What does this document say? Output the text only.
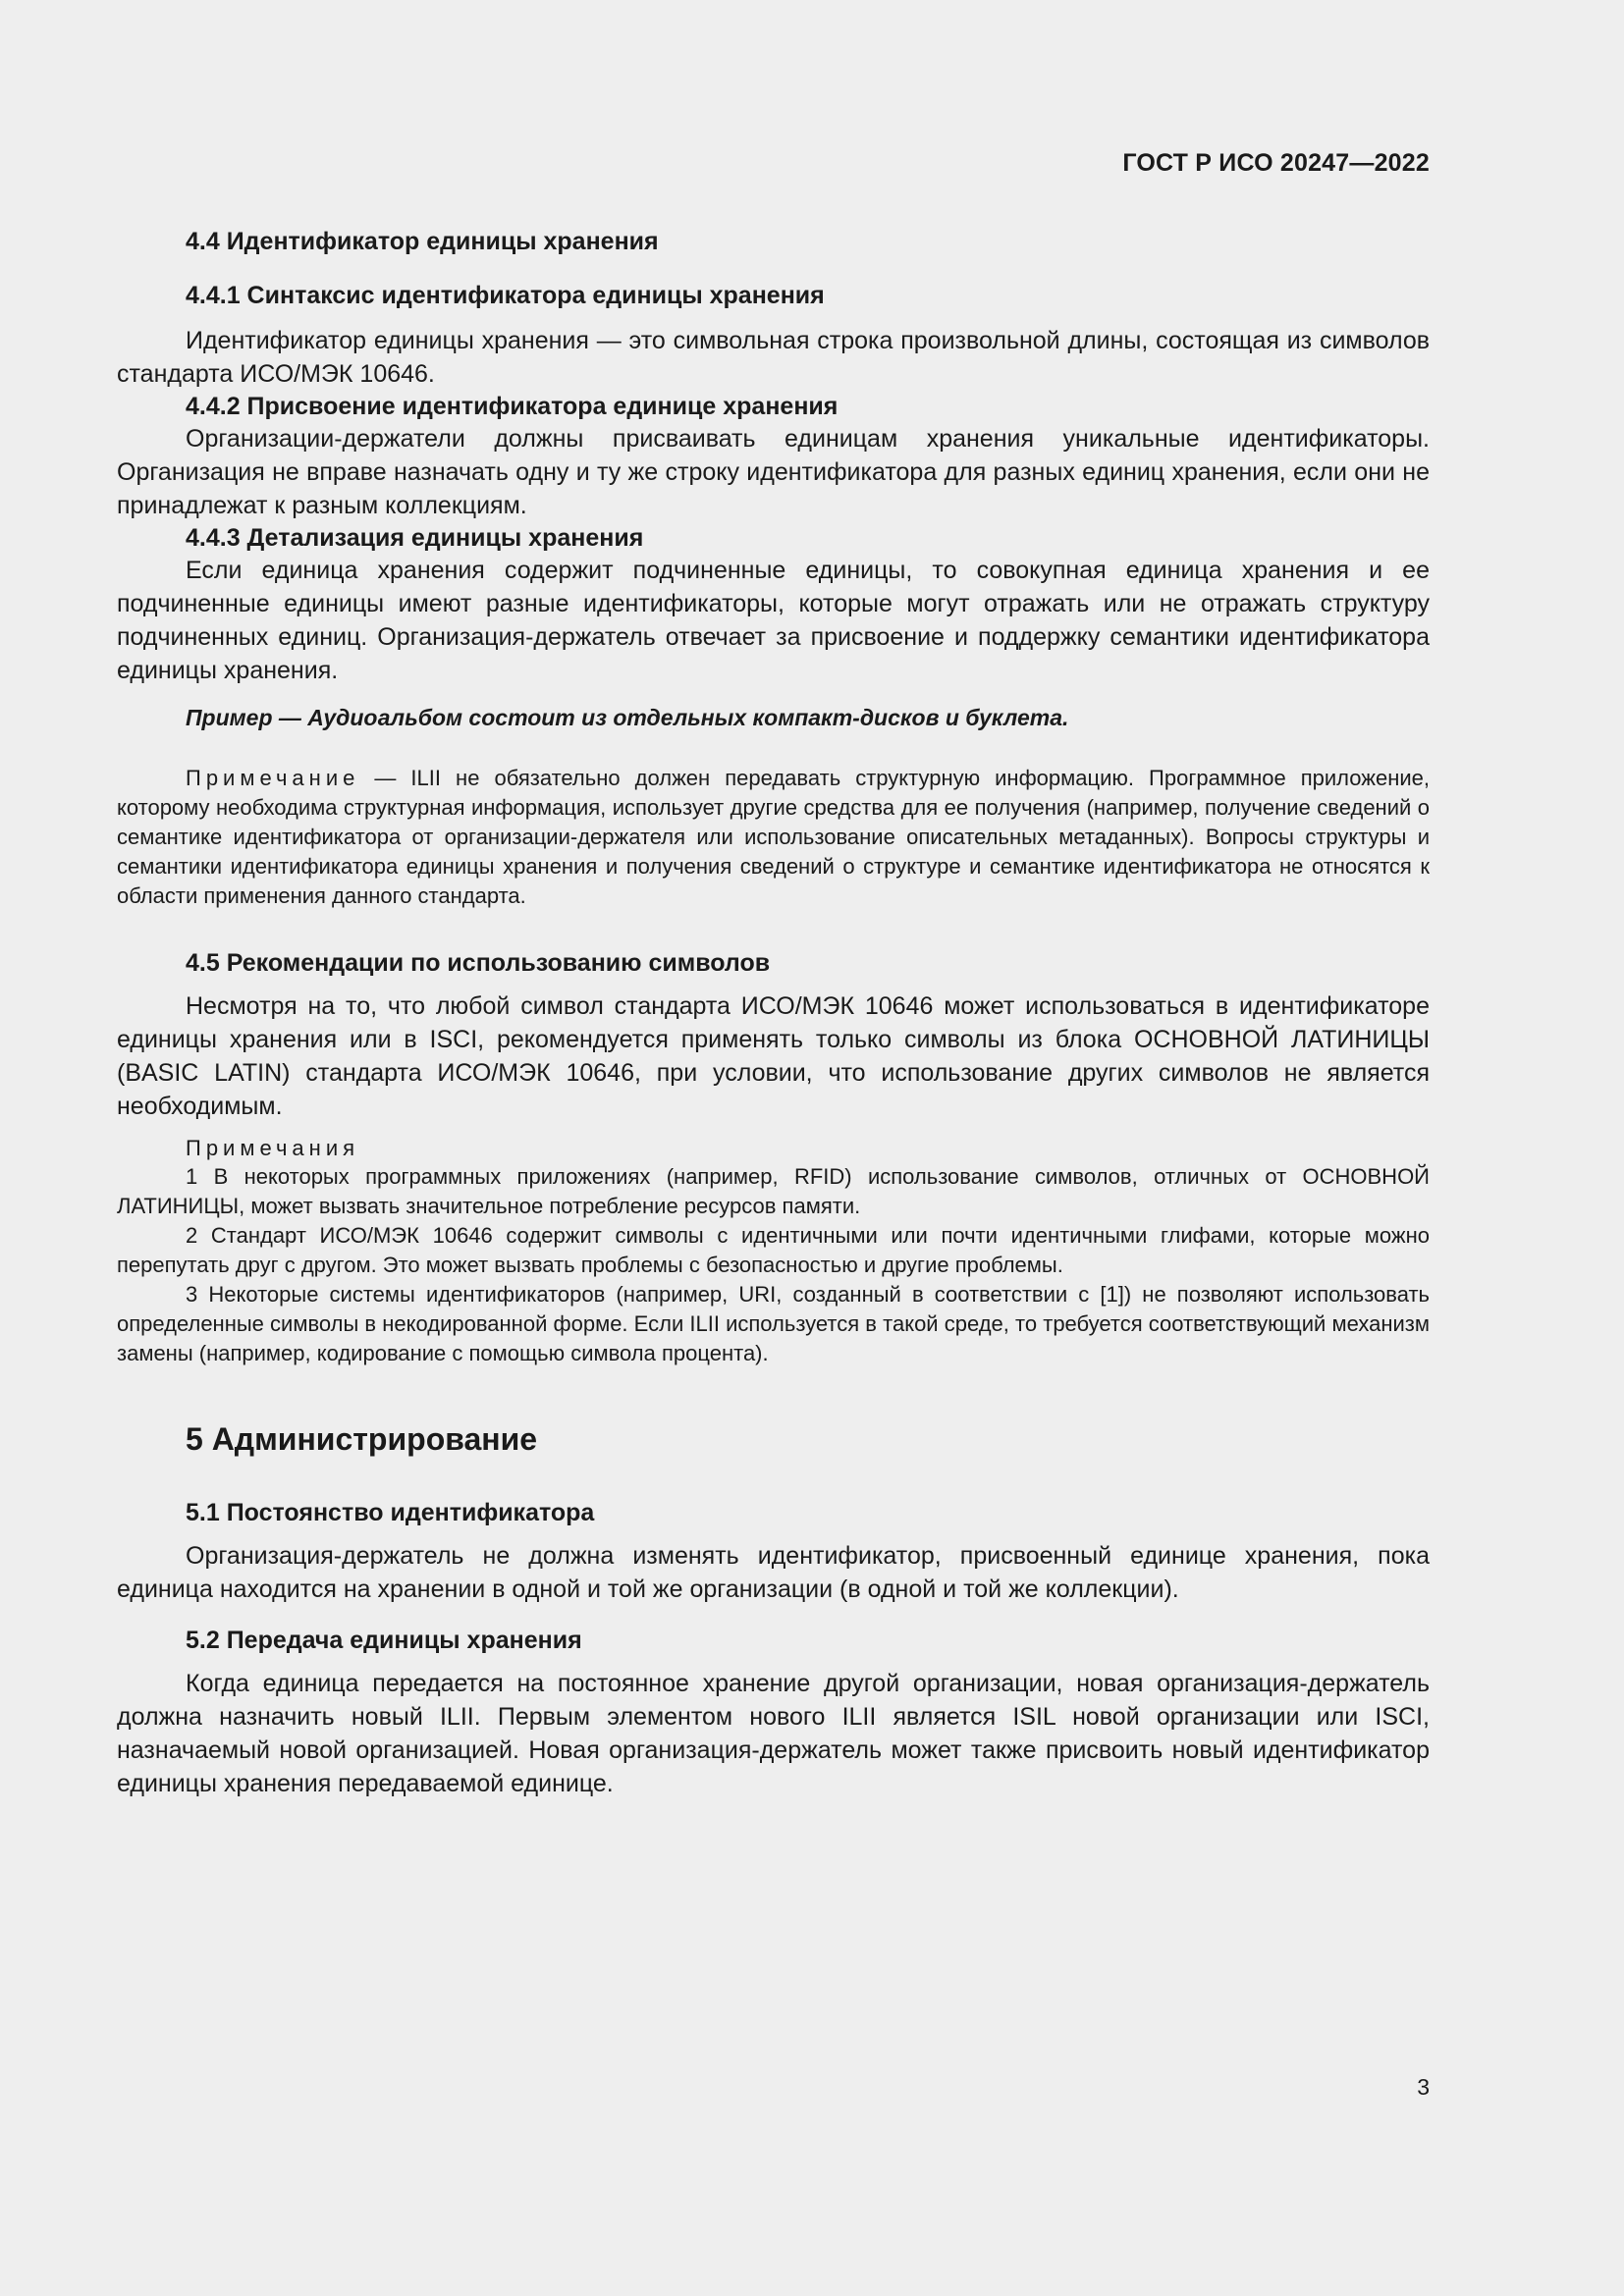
ГОСТ Р ИСО 20247—2022
4.4 Идентификатор единицы хранения
4.4.1 Синтаксис идентификатора единицы хранения

Идентификатор единицы хранения — это символьная строка произвольной длины, состоящая из символов стандарта ИСО/МЭК 10646.

4.4.2 Присвоение идентификатора единице хранения

Организации-держатели должны присваивать единицам хранения уникальные идентификаторы. Организация не вправе назначать одну и ту же строку идентификатора для разных единиц хранения, если они не принадлежат к разным коллекциям.

4.4.3 Детализация единицы хранения

Если единица хранения содержит подчиненные единицы, то совокупная единица хранения и ее подчиненные единицы имеют разные идентификаторы, которые могут отражать или не отражать структуру подчиненных единиц. Организация-держатель отвечает за присвоение и поддержку семантики идентификатора единицы хранения.

Пример — Аудиоальбом состоит из отдельных компакт-дисков и буклета.

Примечание — ILII не обязательно должен передавать структурную информацию. Программное приложение, которому необходима структурная информация, использует другие средства для ее получения (например, получение сведений о семантике идентификатора от организации-держателя или использование описательных метаданных). Вопросы структуры и семантики идентификатора единицы хранения и получения сведений о структуре и семантике идентификатора не относятся к области применения данного стандарта.

4.5 Рекомендации по использованию символов

Несмотря на то, что любой символ стандарта ИСО/МЭК 10646 может использоваться в идентификаторе единицы хранения или в ISCI, рекомендуется применять только символы из блока ОСНОВНОЙ ЛАТИНИЦЫ (BASIC LATIN) стандарта ИСО/МЭК 10646, при условии, что использование других символов не является необходимым.

Примечания

1 В некоторых программных приложениях (например, RFID) использование символов, отличных от ОСНОВНОЙ ЛАТИНИЦЫ, может вызвать значительное потребление ресурсов памяти.

2 Стандарт ИСО/МЭК 10646 содержит символы с идентичными или почти идентичными глифами, которые можно перепутать друг с другом. Это может вызвать проблемы с безопасностью и другие проблемы.

3 Некоторые системы идентификаторов (например, URI, созданный в соответствии с [1]) не позволяют использовать определенные символы в некодированной форме. Если ILII используется в такой среде, то требуется соответствующий механизм замены (например, кодирование с помощью символа процента).

5 Администрирование
5.1 Постоянство идентификатора

Организация-держатель не должна изменять идентификатор, присвоенный единице хранения, пока единица находится на хранении в одной и той же организации (в одной и той же коллекции).

5.2 Передача единицы хранения

Когда единица передается на постоянное хранение другой организации, новая организация-держатель должна назначить новый ILII. Первым элементом нового ILII является ISIL новой организации или ISCI, назначаемый новой организацией. Новая организация-держатель может также присвоить новый идентификатор единицы хранения передаваемой единице.

3
